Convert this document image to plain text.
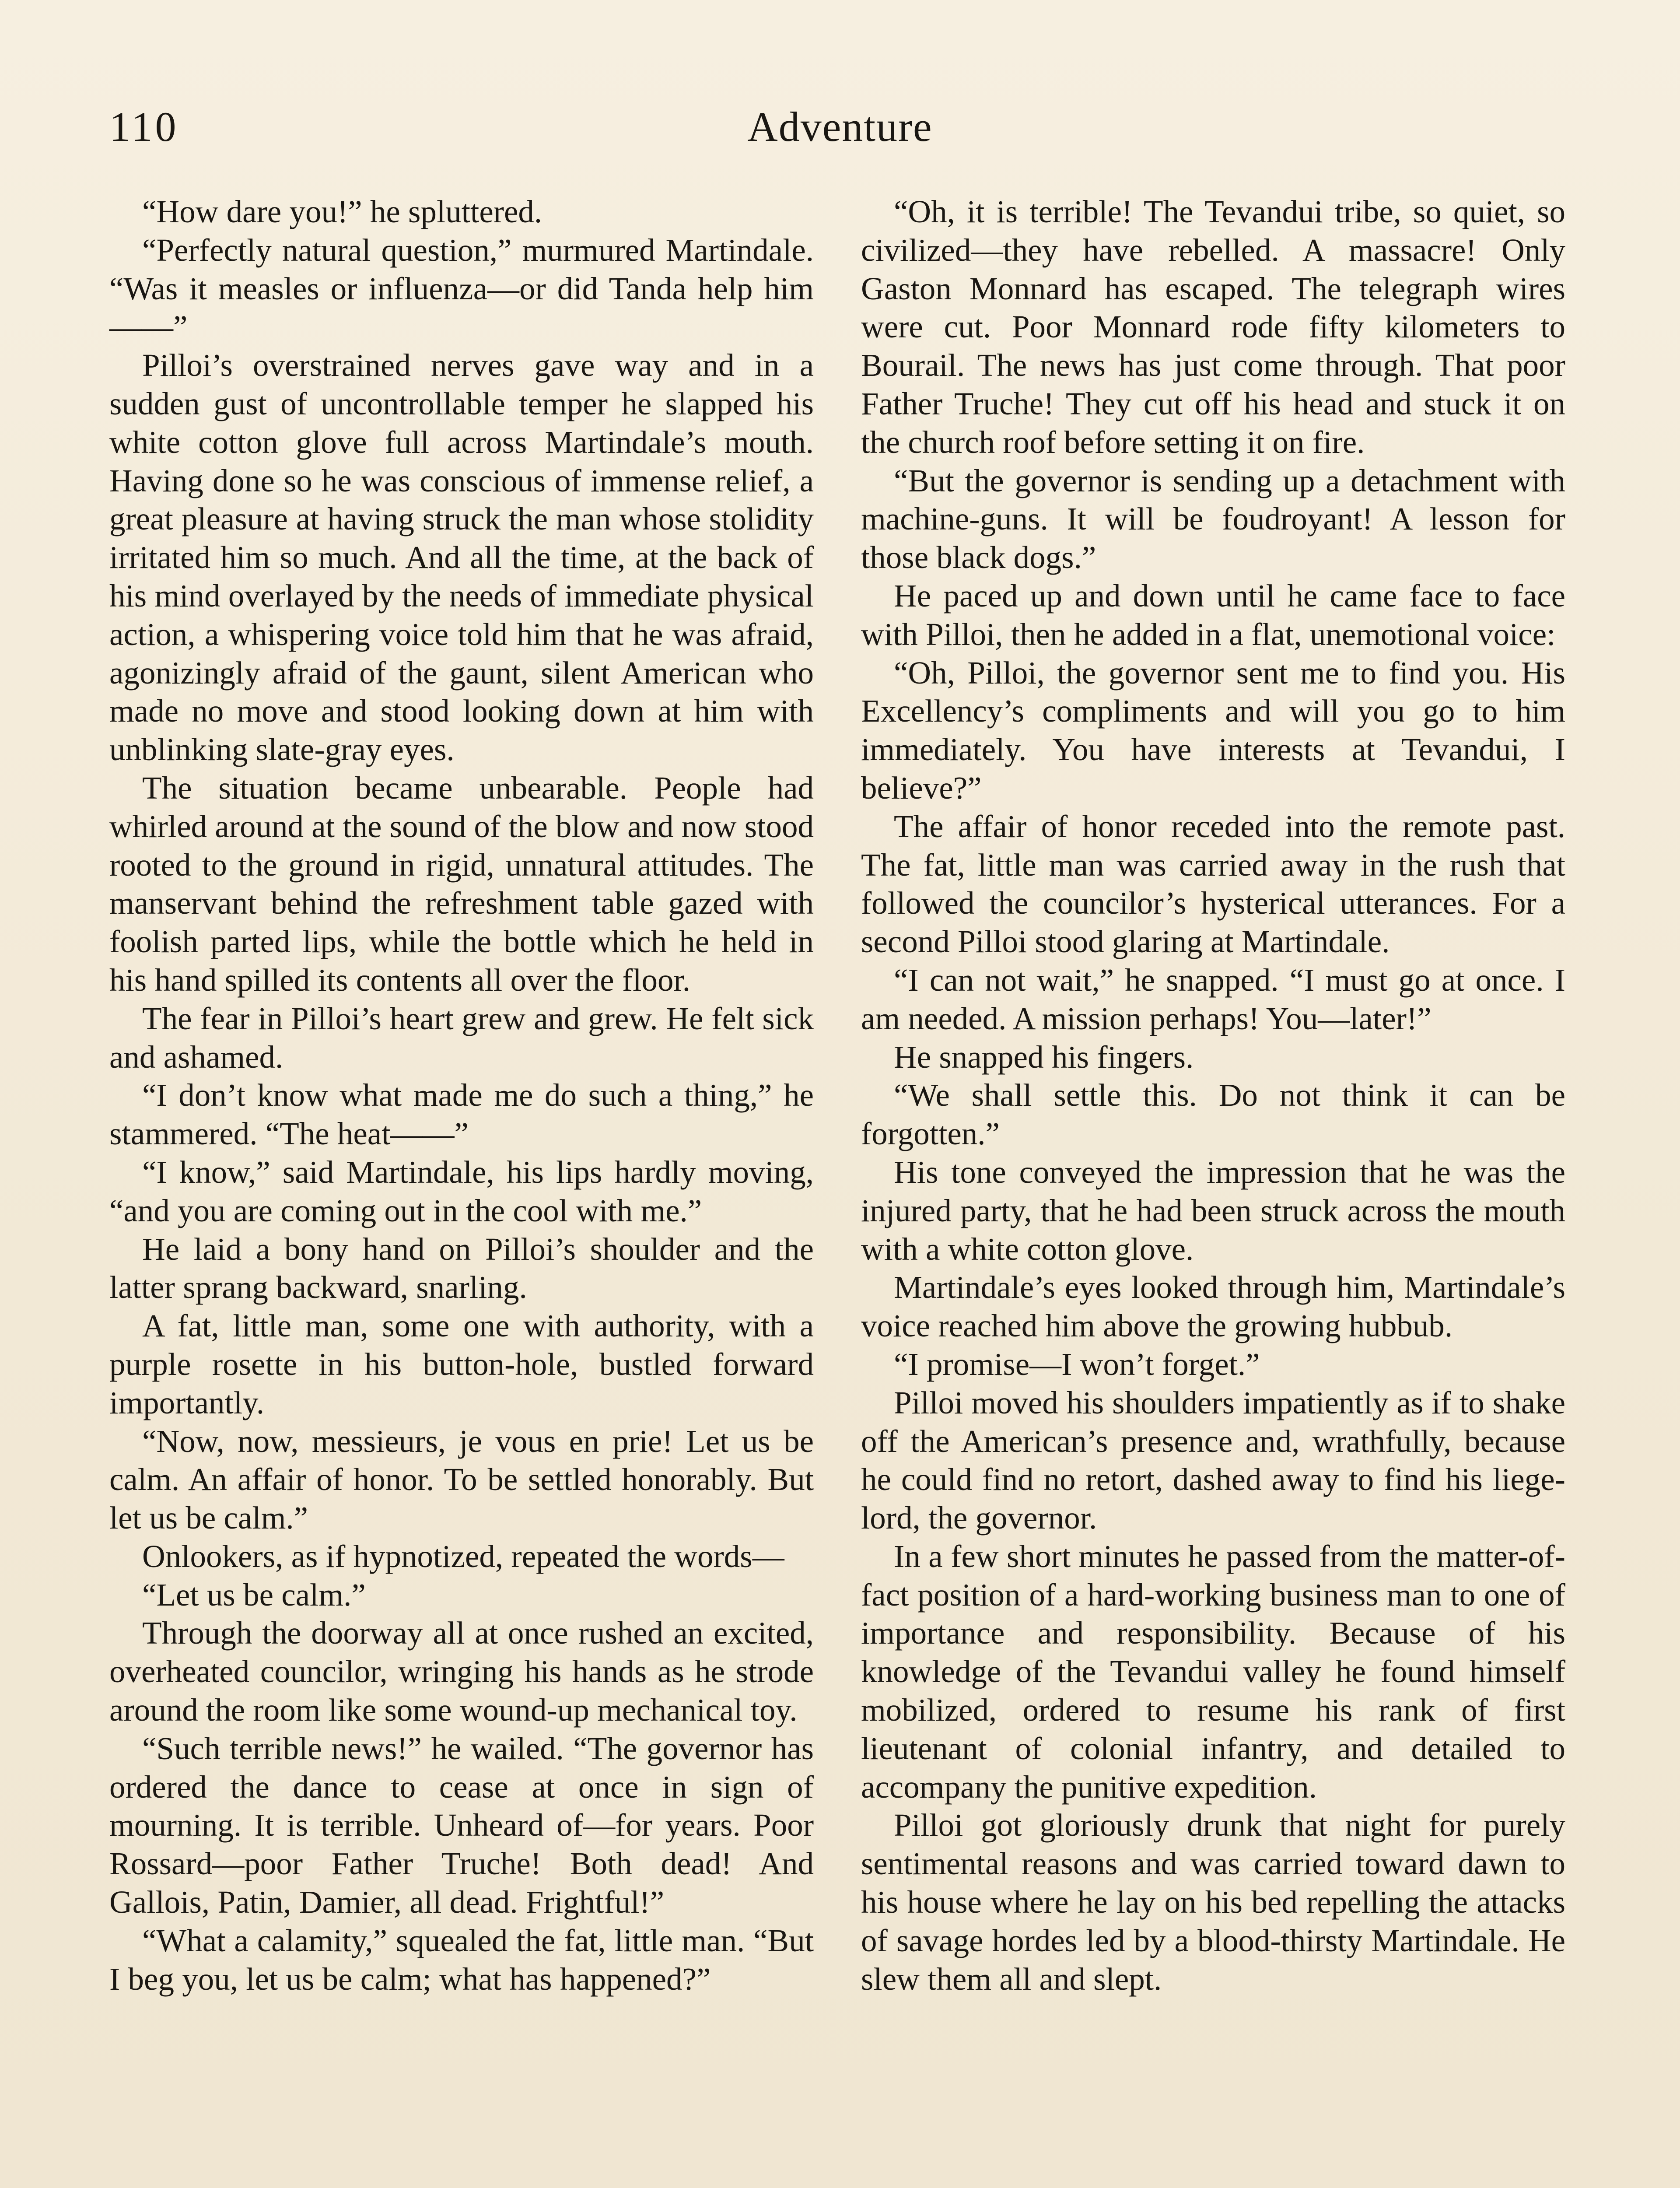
110	Adventure

“How dare you!” he spluttered.

“Perfectly natural question,” murmured Martindale. “Was it measles or influenza—or did Tanda help him——”

Pilloi’s overstrained nerves gave way and in a sudden gust of uncontrollable temper he slapped his white cotton glove full across Martindale’s mouth. Having done so he was conscious of immense relief, a great pleasure at having struck the man whose stolidity irritated him so much. And all the time, at the back of his mind overlayed by the needs of immediate physical action, a whispering voice told him that he was afraid, agonizingly afraid of the gaunt, silent American who made no move and stood looking down at him with unblinking slate-gray eyes.

The situation became unbearable. People had whirled around at the sound of the blow and now stood rooted to the ground in rigid, unnatural attitudes. The manservant behind the refreshment table gazed with foolish parted lips, while the bottle which he held in his hand spilled its contents all over the floor.

The fear in Pilloi’s heart grew and grew. He felt sick and ashamed.

“I don’t know what made me do such a thing,” he stammered. “The heat——”

“I know,” said Martindale, his lips hardly moving, “and you are coming out in the cool with me.”

He laid a bony hand on Pilloi’s shoulder and the latter sprang backward, snarling.

A fat, little man, some one with authority, with a purple rosette in his button-hole, bustled forward importantly.

“Now, now, messieurs, je vous en prie! Let us be calm. An affair of honor. To be settled honorably. But let us be calm.”

Onlookers, as if hypnotized, repeated the words—

“Let us be calm.”

Through the doorway all at once rushed an excited, overheated councilor, wringing his hands as he strode around the room like some wound-up mechanical toy.

“Such terrible news!” he wailed. “The governor has ordered the dance to cease at once in sign of mourning. It is terrible. Unheard of—for years. Poor Rossard—poor Father Truche! Both dead! And Gallois, Patin, Damier, all dead. Frightful!”

“What a calamity,” squealed the fat, little man. “But I beg you, let us be calm; what has happened?”

“Oh, it is terrible! The Tevandui tribe, so quiet, so civilized—they have rebelled. A massacre! Only Gaston Monnard has escaped. The telegraph wires were cut. Poor Monnard rode fifty kilometers to Bourail. The news has just come through. That poor Father Truche! They cut off his head and stuck it on the church roof before setting it on fire.

“But the governor is sending up a detachment with machine-guns. It will be foudroyant! A lesson for those black dogs.”

He paced up and down until he came face to face with Pilloi, then he added in a flat, unemotional voice:

“Oh, Pilloi, the governor sent me to find you. His Excellency’s compliments and will you go to him immediately. You have interests at Tevandui, I believe?”

The affair of honor receded into the remote past. The fat, little man was carried away in the rush that followed the councilor’s hysterical utterances. For a second Pilloi stood glaring at Martindale.

“I can not wait,” he snapped. “I must go at once. I am needed. A mission perhaps! You—later!”

He snapped his fingers.

“We shall settle this. Do not think it can be forgotten.”

His tone conveyed the impression that he was the injured party, that he had been struck across the mouth with a white cotton glove.

Martindale’s eyes looked through him, Martindale’s voice reached him above the growing hubbub.

“I promise—I won’t forget.”

Pilloi moved his shoulders impatiently as if to shake off the American’s presence and, wrathfully, because he could find no retort, dashed away to find his liege-lord, the governor.

In a few short minutes he passed from the matter-of-fact position of a hard-working business man to one of importance and responsibility. Because of his knowledge of the Tevandui valley he found himself mobilized, ordered to resume his rank of first lieutenant of colonial infantry, and detailed to accompany the punitive expedition.

Pilloi got gloriously drunk that night for purely sentimental reasons and was carried toward dawn to his house where he lay on his bed repelling the attacks of savage hordes led by a blood-thirsty Martindale. He slew them all and slept.
